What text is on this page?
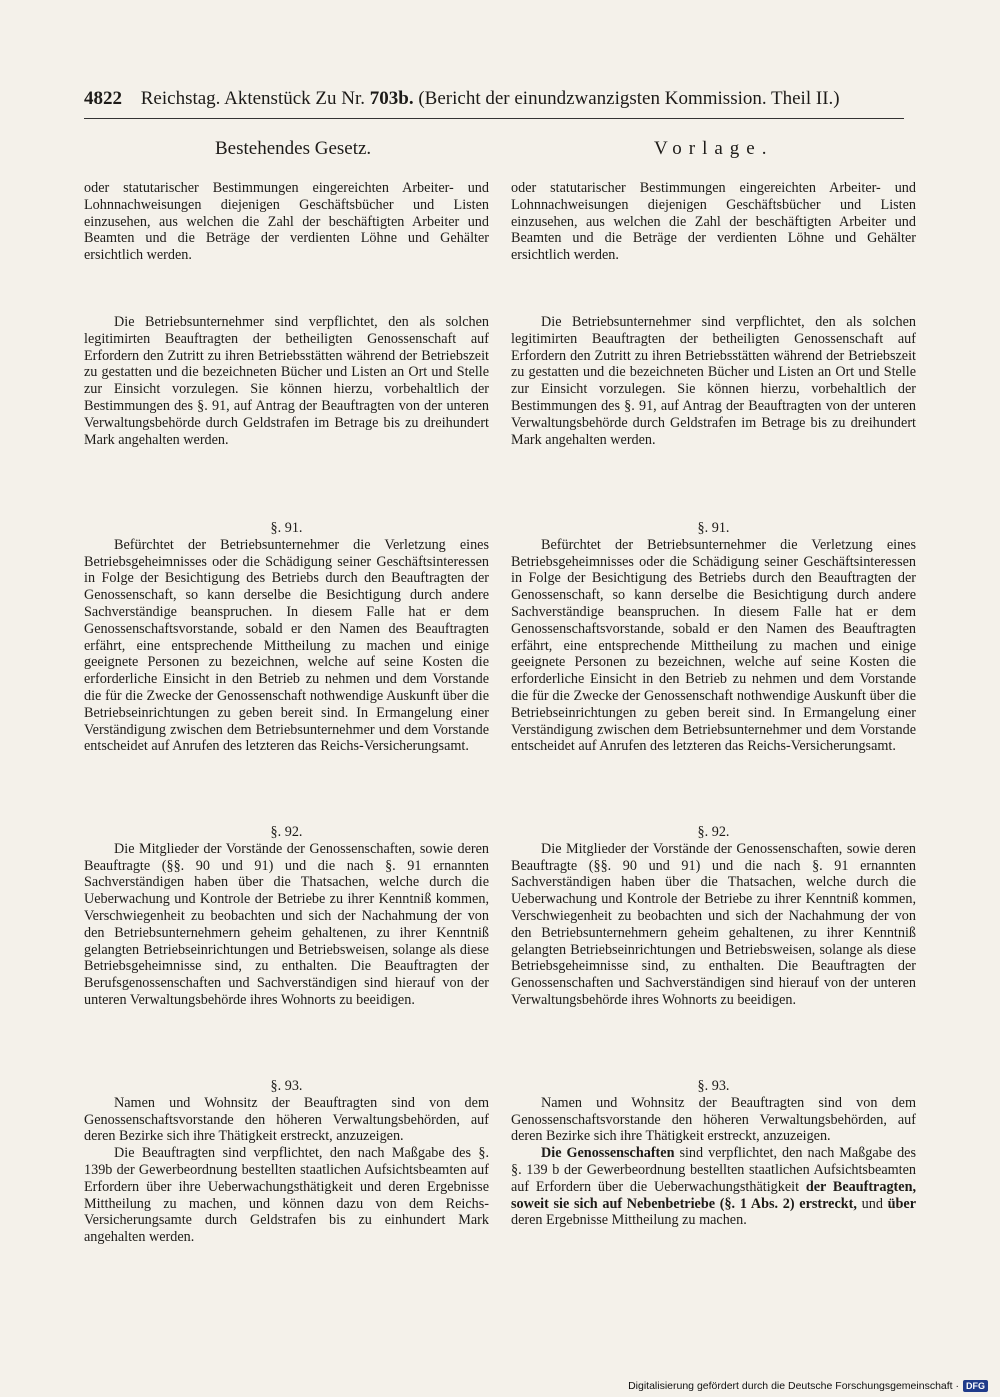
4822 Reichstag. Aktenstück Zu Nr. 703b. (Bericht der einundzwanzigsten Kommission. Theil II.)
Bestehendes Gesetz.	Vorlage.

oder statutarischer Bestimmungen eingereichten Arbeiter- und Lohnnachweisungen diejenigen Geschäftsbücher und Listen einzusehen, aus welchen die Zahl der beschäftigten Arbeiter und Beamten und die Beträge der verdienten Löhne und Gehälter ersichtlich werden.

Die Betriebsunternehmer sind verpflichtet, den als solchen legitimirten Beauftragten der betheiligten Genossenschaft auf Erfordern den Zutritt zu ihren Betriebsstätten während der Betriebszeit zu gestatten und die bezeichneten Bücher und Listen an Ort und Stelle zur Einsicht vorzulegen. Sie können hierzu, vorbehaltlich der Bestimmungen des §. 91, auf Antrag der Beauftragten von der unteren Verwaltungsbehörde durch Geldstrafen im Betrage bis zu dreihundert Mark angehalten werden.

§. 91.

Befürchtet der Betriebsunternehmer die Verletzung eines Betriebsgeheimnisses oder die Schädigung seiner Geschäftsinteressen in Folge der Besichtigung des Betriebs durch den Beauftragten der Genossenschaft, so kann derselbe die Besichtigung durch andere Sachverständige beanspruchen. In diesem Falle hat er dem Genossenschaftsvorstande, sobald er den Namen des Beauftragten erfährt, eine entsprechende Mittheilung zu machen und einige geeignete Personen zu bezeichnen, welche auf seine Kosten die erforderliche Einsicht in den Betrieb zu nehmen und dem Vorstande die für die Zwecke der Genossenschaft nothwendige Auskunft über die Betriebseinrichtungen zu geben bereit sind. In Ermangelung einer Verständigung zwischen dem Betriebsunternehmer und dem Vorstande entscheidet auf Anrufen des letzteren das Reichs-Versicherungsamt.

§. 92.

Die Mitglieder der Vorstände der Genossenschaften, sowie deren Beauftragte (§§. 90 und 91) und die nach §. 91 ernannten Sachverständigen haben über die Thatsachen, welche durch die Ueberwachung und Kontrole der Betriebe zu ihrer Kenntniß kommen, Verschwiegenheit zu beobachten und sich der Nachahmung der von den Betriebsunternehmern geheim gehaltenen, zu ihrer Kenntniß gelangten Betriebseinrichtungen und Betriebsweisen, solange als diese Betriebsgeheimnisse sind, zu enthalten. Die Beauftragten der Berufsgenossenschaften und Sachverständigen sind hierauf von der unteren Verwaltungsbehörde ihres Wohnorts zu beeidigen.

§. 93.

Namen und Wohnsitz der Beauftragten sind von dem Genossenschaftsvorstande den höheren Verwaltungsbehörden, auf deren Bezirke sich ihre Thätigkeit erstreckt, anzuzeigen.

Die Beauftragten sind verpflichtet, den nach Maßgabe des §. 139b der Gewerbeordnung bestellten staatlichen Aufsichtsbeamten auf Erfordern über ihre Ueberwachungsthätigkeit und deren Ergebnisse Mittheilung zu machen, und können dazu von dem Reichs-Versicherungsamte durch Geldstrafen bis zu einhundert Mark angehalten werden.

oder statutarischer Bestimmungen eingereichten Arbeiter- und Lohnnachweisungen diejenigen Geschäftsbücher und Listen einzusehen, aus welchen die Zahl der beschäftigten Arbeiter und Beamten und die Beträge der verdienten Löhne und Gehälter ersichtlich werden.

Die Betriebsunternehmer sind verpflichtet, den als solchen legitimirten Beauftragten der betheiligten Genossenschaft auf Erfordern den Zutritt zu ihren Betriebsstätten während der Betriebszeit zu gestatten und die bezeichneten Bücher und Listen an Ort und Stelle zur Einsicht vorzulegen. Sie können hierzu, vorbehaltlich der Bestimmungen des §. 91, auf Antrag der Beauftragten von der unteren Verwaltungsbehörde durch Geldstrafen im Betrage bis zu dreihundert Mark angehalten werden.

§. 91.

Befürchtet der Betriebsunternehmer die Verletzung eines Betriebsgeheimnisses oder die Schädigung seiner Geschäftsinteressen in Folge der Besichtigung des Betriebs durch den Beauftragten der Genossenschaft, so kann derselbe die Besichtigung durch andere Sachverständige beanspruchen. In diesem Falle hat er dem Genossenschaftsvorstande, sobald er den Namen des Beauftragten erfährt, eine entsprechende Mittheilung zu machen und einige geeignete Personen zu bezeichnen, welche auf seine Kosten die erforderliche Einsicht in den Betrieb zu nehmen und dem Vorstande die für die Zwecke der Genossenschaft nothwendige Auskunft über die Betriebseinrichtungen zu geben bereit sind. In Ermangelung einer Verständigung zwischen dem Betriebsunternehmer und dem Vorstande entscheidet auf Anrufen des letzteren das Reichs-Versicherungsamt.

§. 92.

Die Mitglieder der Vorstände der Genossenschaften, sowie deren Beauftragte (§§. 90 und 91) und die nach §. 91 ernannten Sachverständigen haben über die Thatsachen, welche durch die Ueberwachung und Kontrole der Betriebe zu ihrer Kenntniß kommen, Verschwiegenheit zu beobachten und sich der Nachahmung der von den Betriebsunternehmern geheim gehaltenen, zu ihrer Kenntniß gelangten Betriebseinrichtungen und Betriebsweisen, solange als diese Betriebsgeheimnisse sind, zu enthalten. Die Beauftragten der Genossenschaften und Sachverständigen sind hierauf von der unteren Verwaltungsbehörde ihres Wohnorts zu beeidigen.

§. 93.

Namen und Wohnsitz der Beauftragten sind von dem Genossenschaftsvorstande den höheren Verwaltungsbehörden, auf deren Bezirke sich ihre Thätigkeit erstreckt, anzuzeigen.

Die Genossenschaften sind verpflichtet, den nach Maßgabe des §. 139 b der Gewerbeordnung bestellten staatlichen Aufsichtsbeamten auf Erfordern über die Ueberwachungsthätigkeit der Beauftragten, soweit sie sich auf Nebenbetriebe (§. 1 Abs. 2) erstreckt, und über deren Ergebnisse Mittheilung zu machen.

Digitalisierung gefördert durch die Deutsche Forschungsgemeinschaft · DFG
